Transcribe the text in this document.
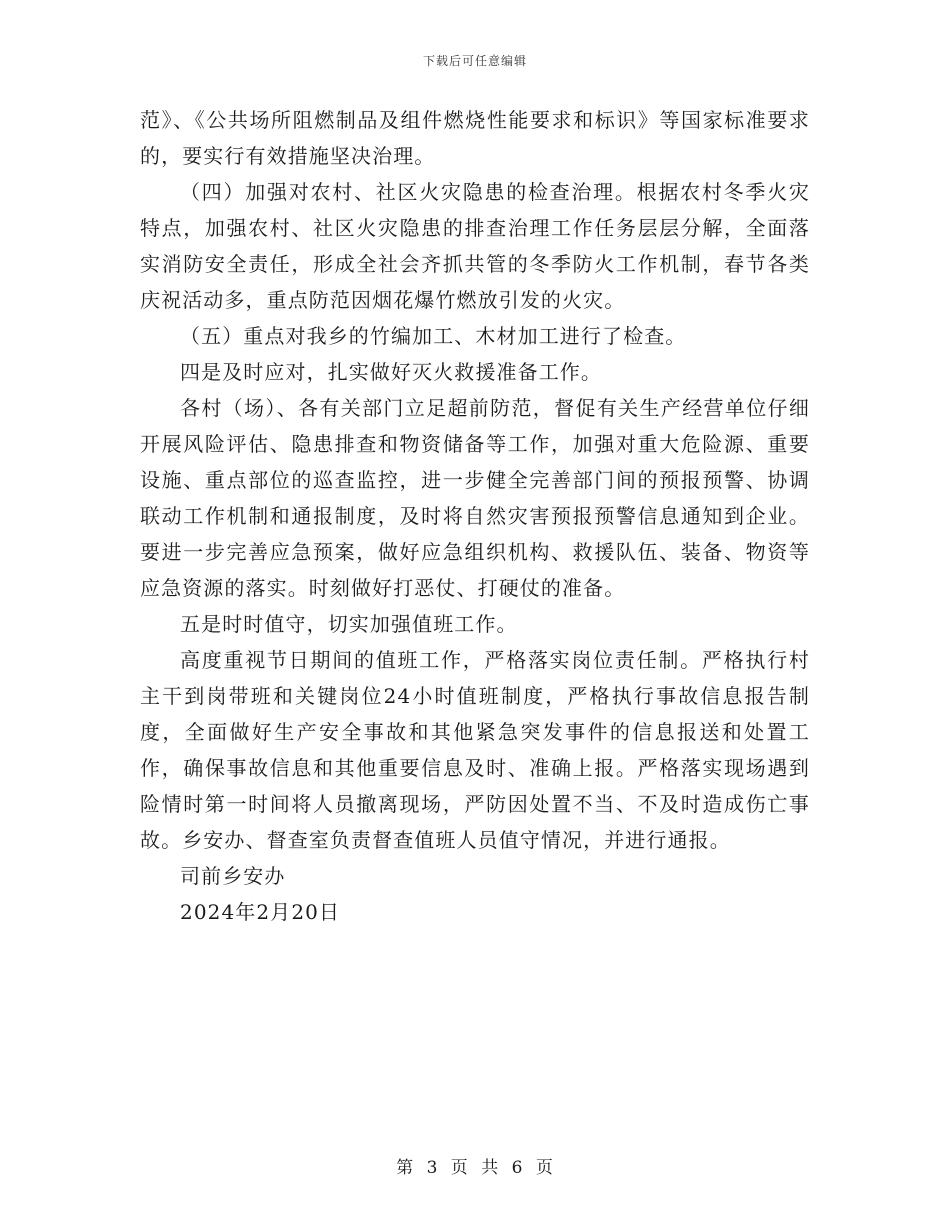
下载后可任意编辑

范》、《公共场所阻燃制品及组件燃烧性能要求和标识》等国家标准要求的，要实行有效措施坚决治理。

（四）加强对农村、社区火灾隐患的检查治理。根据农村冬季火灾特点，加强农村、社区火灾隐患的排查治理工作任务层层分解，全面落实消防安全责任，形成全社会齐抓共管的冬季防火工作机制，春节各类庆祝活动多，重点防范因烟花爆竹燃放引发的火灾。

（五）重点对我乡的竹编加工、木材加工进行了检查。

四是及时应对，扎实做好灭火救援准备工作。

各村（场）、各有关部门立足超前防范，督促有关生产经营单位仔细开展风险评估、隐患排查和物资储备等工作，加强对重大危险源、重要设施、重点部位的巡查监控，进一步健全完善部门间的预报预警、协调联动工作机制和通报制度，及时将自然灾害预报预警信息通知到企业。要进一步完善应急预案，做好应急组织机构、救援队伍、装备、物资等应急资源的落实。时刻做好打恶仗、打硬仗的准备。

五是时时值守，切实加强值班工作。

高度重视节日期间的值班工作，严格落实岗位责任制。严格执行村主干到岗带班和关键岗位24小时值班制度，严格执行事故信息报告制度，全面做好生产安全事故和其他紧急突发事件的信息报送和处置工作，确保事故信息和其他重要信息及时、准确上报。严格落实现场遇到险情时第一时间将人员撤离现场，严防因处置不当、不及时造成伤亡事故。乡安办、督查室负责督查值班人员值守情况，并进行通报。

司前乡安办

2024年2月20日

第 3 页 共 6 页
